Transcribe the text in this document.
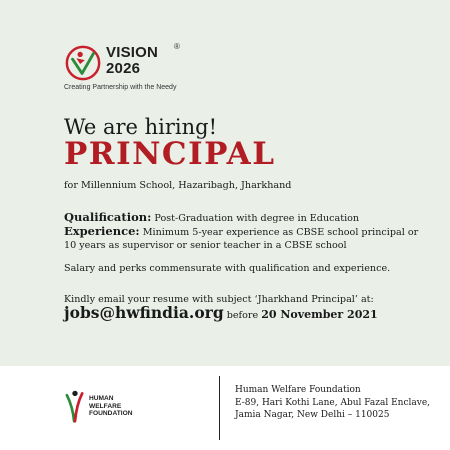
VISION
2026
®
Creating Partnership with the Needy
We are hiring!
PRINCIPAL
for Millennium School, Hazaribagh, Jharkhand
Qualification: Post-Graduation with degree in Education
Experience: Minimum 5-year experience as CBSE school principal or
10 years as supervisor or senior teacher in a CBSE school
Salary and perks commensurate with qualification and experience.
Kindly email your resume with subject ‘Jharkhand Principal’ at:
jobs@hwfindia.org before 20 November 2021
HUMAN
WELFARE
FOUNDATION
Human Welfare Foundation
E-89, Hari Kothi Lane, Abul Fazal Enclave,
Jamia Nagar, New Delhi – 110025
